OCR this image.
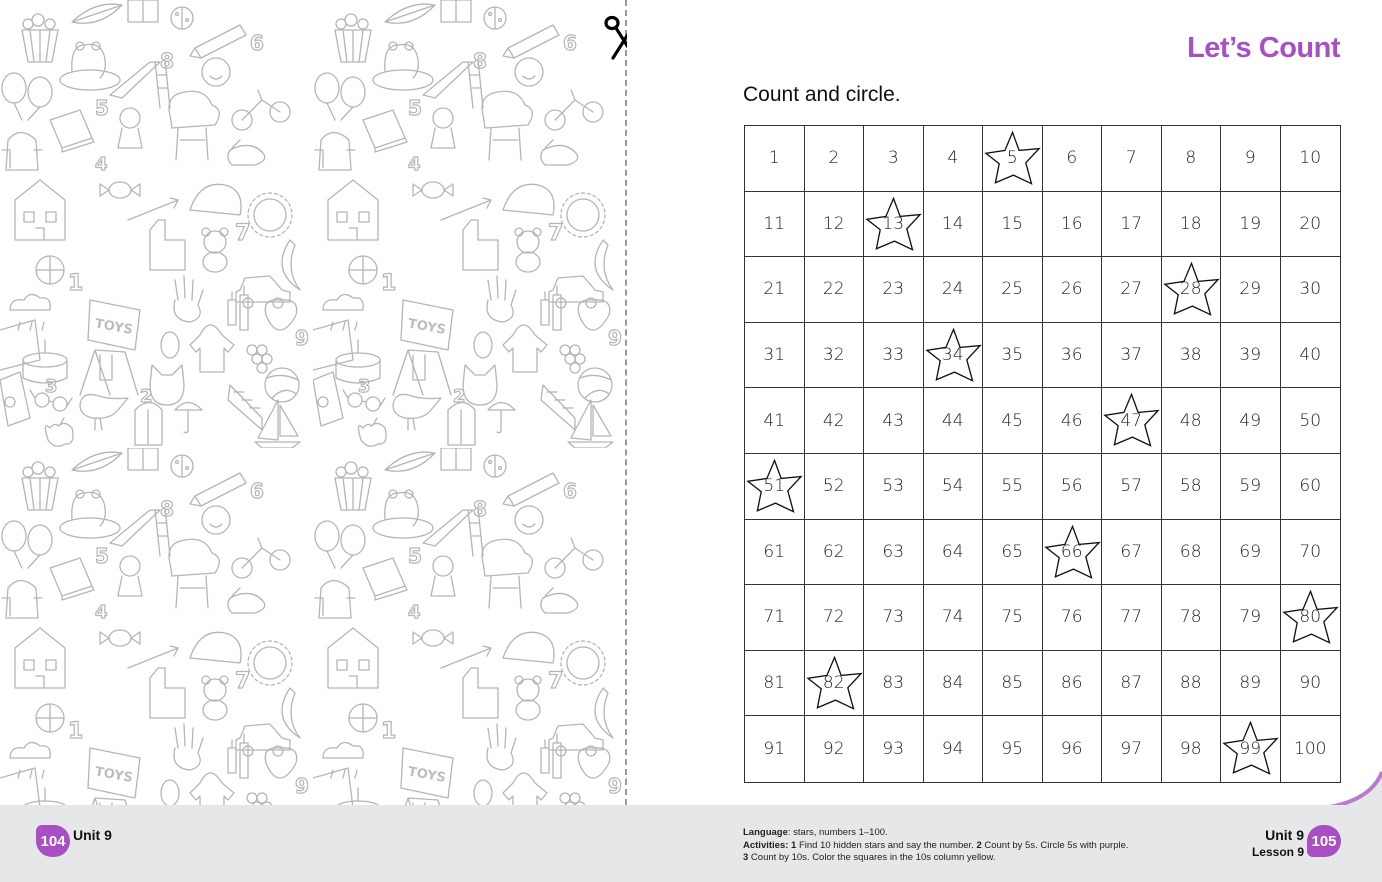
Let’s Count
Count and circle.
1	2	3	4	5	6	7	8	9	10
11 12 13 14 15 16 17 18 19 20
21 22 23 24 25 26 27 28 29 30
31 32 33 34 35 36 37 38 39 40
41 42 43 44 45 46 47 48 49 50
51 52 53 54 55 56 57 58 59 60
61 62 63 64 65 66 67 68 69 70
71 72 73 74 75 76 77 78 79 80
81 82 83 84 85 86 87 88 89 90
91 92 93 94 95 96 97 98 99 100
104 Unit 9	Language: stars, numbers 1–100.
Activities: 1 Find 10 hidden stars and say the number. 2 Count by 5s. Circle 5s with purple.
3 Count by 10s. Color the squares in the 10s column yellow.
Unit 9
Lesson 9
105
